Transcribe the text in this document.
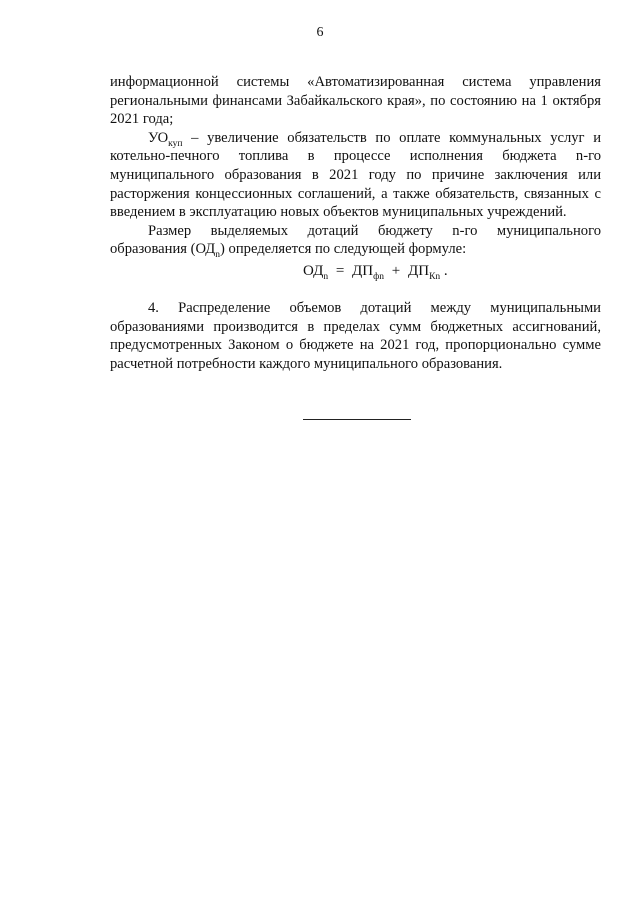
6

информационной системы «Автоматизированная система управления региональными финансами Забайкальского края», по состоянию на 1 октября 2021 года;

$УО_{куп}$ – увеличение обязательств по оплате коммунальных услуг и котельно-печного топлива в процессе исполнения бюджета n-го муниципального образования в 2021 году по причине заключения или расторжения концессионных соглашений, а также обязательств, связанных с введением в эксплуатацию новых объектов муниципальных учреждений.

Размер выделяемых дотаций бюджету n-го муниципального образования $(ОД_n)$ определяется по следующей формуле:

$ОД_n = ДП_{фn} + ДП_{Кn}$ .

4. Распределение объемов дотаций между муниципальными образованиями производится в пределах сумм бюджетных ассигнований, предусмотренных Законом о бюджете на 2021 год, пропорционально сумме расчетной потребности каждого муниципального образования.
